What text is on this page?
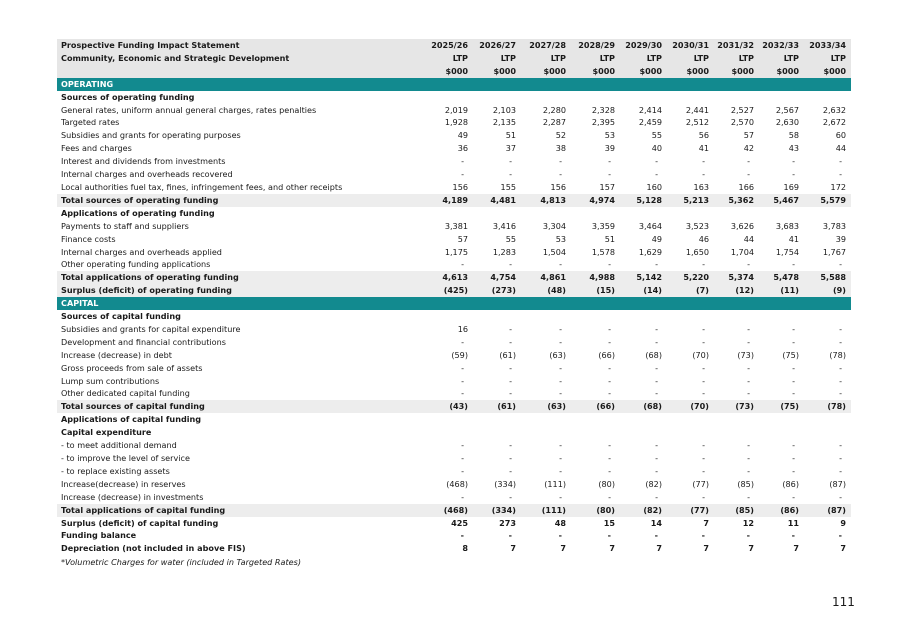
Prospective Funding Impact Statement	2025/26	2026/27	2027/28	2028/29	2029/30	2030/31	2031/32	2032/33	2033/34
Community, Economic and Strategic Development	LTP	LTP	LTP	LTP	LTP	LTP	LTP	LTP	LTP
	$000	$000	$000	$000	$000	$000	$000	$000	$000
OPERATING									
Sources of operating funding									
General rates, uniform annual general charges, rates penalties	2,019	2,103	2,280	2,328	2,414	2,441	2,527	2,567	2,632
Targeted rates	1,928	2,135	2,287	2,395	2,459	2,512	2,570	2,630	2,672
Subsidies and grants for operating purposes	49	51	52	53	55	56	57	58	60
Fees and charges	36	37	38	39	40	41	42	43	44
Interest and dividends from investments	-	-	-	-	-	-	-	-	-
Internal charges and overheads recovered	-	-	-	-	-	-	-	-	-
Local authorities fuel tax, fines, infringement fees, and other receipts	156	155	156	157	160	163	166	169	172
Total sources of operating funding	4,189	4,481	4,813	4,974	5,128	5,213	5,362	5,467	5,579
Applications of operating funding									
Payments to staff and suppliers	3,381	3,416	3,304	3,359	3,464	3,523	3,626	3,683	3,783
Finance costs	57	55	53	51	49	46	44	41	39
Internal charges and overheads applied	1,175	1,283	1,504	1,578	1,629	1,650	1,704	1,754	1,767
Other operating funding applications	-	-	-	-	-	-	-	-	-
Total applications of operating funding	4,613	4,754	4,861	4,988	5,142	5,220	5,374	5,478	5,588
Surplus (deficit) of operating funding	(425)	(273)	(48)	(15)	(14)	(7)	(12)	(11)	(9)
CAPITAL									
Sources of capital funding									
Subsidies and grants for capital expenditure	16	-	-	-	-	-	-	-	-
Development and financial contributions	-	-	-	-	-	-	-	-	-
Increase (decrease) in debt	(59)	(61)	(63)	(66)	(68)	(70)	(73)	(75)	(78)
Gross proceeds from sale of assets	-	-	-	-	-	-	-	-	-
Lump sum contributions	-	-	-	-	-	-	-	-	-
Other dedicated capital funding	-	-	-	-	-	-	-	-	-
Total sources of capital funding	(43)	(61)	(63)	(66)	(68)	(70)	(73)	(75)	(78)
Applications of capital funding									
Capital expenditure									
- to meet additional demand	-	-	-	-	-	-	-	-	-
- to improve the level of service	-	-	-	-	-	-	-	-	-
- to replace existing assets	-	-	-	-	-	-	-	-	-
Increase(decrease) in reserves	(468)	(334)	(111)	(80)	(82)	(77)	(85)	(86)	(87)
Increase (decrease) in investments	-	-	-	-	-	-	-	-	-
Total applications of capital funding	(468)	(334)	(111)	(80)	(82)	(77)	(85)	(86)	(87)
Surplus (deficit) of capital funding	425	273	48	15	14	7	12	11	9
Funding balance	-	-	-	-	-	-	-	-	-
Depreciation (not included in above FIS)	8	7	7	7	7	7	7	7	7
*Volumetric Charges for water (included in Targeted Rates)
111
